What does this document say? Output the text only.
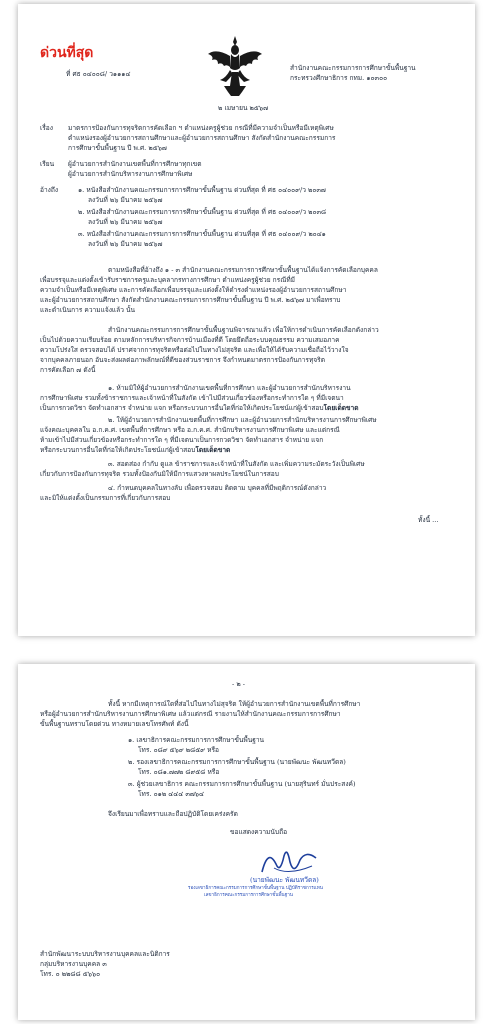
ด่วนที่สุด
ที่ ศธ ๐๔๐๐๘/ ว๑๑๑๔
สำนักงานคณะกรรมการการศึกษาขั้นพื้นฐาน
กระทรวงศึกษาธิการ กทม. ๑๐๓๐๐
๒ เมษายน ๒๕๖๗
เรื่อง มาตรการป้องกันการทุจริตการคัดเลือก ฯ ตำแหน่งครูผู้ช่วย กรณีที่มีความจำเป็นหรือมีเหตุพิเศษ
ตำแหน่งรองผู้อำนวยการสถานศึกษาและผู้อำนวยการสถานศึกษา สังกัดสำนักงานคณะกรรมการ
การศึกษาขั้นพื้นฐาน ปี พ.ศ. ๒๕๖๗
เรียน ผู้อำนวยการสำนักงานเขตพื้นที่การศึกษาทุกเขต
ผู้อำนวยการสำนักบริหารงานการศึกษาพิเศษ
อ้างถึง	๑. หนังสือสำนักงานคณะกรรมการการศึกษาขั้นพื้นฐาน ด่วนที่สุด ที่ ศธ ๐๔๐๐๙/ว ๒๐๓๗
ลงวันที่ ๒๖ มีนาคม ๒๕๖๗
๒. หนังสือสำนักงานคณะกรรมการการศึกษาขั้นพื้นฐาน ด่วนที่สุด ที่ ศธ ๐๔๐๐๙/ว ๒๐๓๘
ลงวันที่ ๒๖ มีนาคม ๒๕๖๗
๓. หนังสือสำนักงานคณะกรรมการการศึกษาขั้นพื้นฐาน ด่วนที่สุด ที่ ศธ ๐๔๐๐๙/ว ๒๐๔๑
ลงวันที่ ๒๖ มีนาคม ๒๕๖๗
ตามหนังสือที่อ้างถึง ๑ - ๓ สำนักงานคณะกรรมการการศึกษาขั้นพื้นฐานได้แจ้งการคัดเลือกบุคคล
เพื่อบรรจุและแต่งตั้งเข้ารับราชการครูและบุคลากรทางการศึกษา ตำแหน่งครูผู้ช่วย กรณีที่มี
ความจำเป็นหรือมีเหตุพิเศษ และการคัดเลือกเพื่อบรรจุและแต่งตั้งให้ดำรงตำแหน่งรองผู้อำนวยการสถานศึกษา
และผู้อำนวยการสถานศึกษา สังกัดสำนักงานคณะกรรมการการศึกษาขั้นพื้นฐาน ปี พ.ศ. ๒๕๖๗ มาเพื่อทราบ
และดำเนินการ ความแจ้งแล้ว นั้น
สำนักงานคณะกรรมการการศึกษาขั้นพื้นฐานพิจารณาแล้ว เพื่อให้การดำเนินการคัดเลือกดังกล่าว
เป็นไปด้วยความเรียบร้อย ตามหลักการบริหารกิจการบ้านเมืองที่ดี โดยยึดถือระบบคุณธรรม ความเสมอภาค
ความโปร่งใส ตรวจสอบได้ ปราศจากการทุจริตหรือต่อไปในทางไม่สุจริต และเพื่อให้ได้รับความเชื่อถือไว้วางใจ
จากบุคคลภายนอก อันจะส่งผลต่อภาพลักษณ์ที่ดีของส่วนราชการ จึงกำหนดมาตรการป้องกันการทุจริต
การคัดเลือก ๗ ดังนี้
๑. ห้ามมิให้ผู้อำนวยการสำนักงานเขตพื้นที่การศึกษา และผู้อำนวยการสำนักบริหารงาน
การศึกษาพิเศษ รวมทั้งข้าราชการและเจ้าหน้าที่ในสังกัด เข้าไปมีส่วนเกี่ยวข้องหรือกระทำการใด ๆ ที่มีเจตนา
เป็นการกวดวิชา จัดทำเอกสาร จำหน่าย แจก หรือกระบวนการอื่นใดที่ก่อให้เกิดประโยชน์แก่ผู้เข้าสอบโดยเด็ดขาด
๒. ให้ผู้อำนวยการสำนักงานเขตพื้นที่การศึกษา และผู้อำนวยการสำนักบริหารงานการศึกษาพิเศษ
แจ้งคณะบุคคลใน อ.ก.ค.ศ. เขตพื้นที่การศึกษา หรือ อ.ก.ค.ศ. สำนักบริหารงานการศึกษาพิเศษ และแต่กรณี
ห้ามเข้าไปมีส่วนเกี่ยวข้องหรือกระทำการใด ๆ ที่มีเจตนาเป็นการกวดวิชา จัดทำเอกสาร จำหน่าย แจก
หรือกระบวนการอื่นใดที่ก่อให้เกิดประโยชน์แก่ผู้เข้าสอบโดยเด็ดขาด
๓. สอดส่อง กำกับ ดูแล ข้าราชการและเจ้าหน้าที่ในสังกัด และเพิ่มความระมัดระวังเป็นพิเศษ
เกี่ยวกับการป้องกันการทุจริต รวมทั้งป้องกันมิให้มีการแสวงหาผลประโยชน์ในการสอบ
๔. กำหนดบุคคลในทางลับ เพื่อตรวจสอบ ติดตาม บุคคลที่มีพฤติการณ์ดังกล่าว
และมิให้แต่งตั้งเป็นกรรมการที่เกี่ยวกับการสอบ
ทั้งนี้ ...
- ๒ -
ทั้งนี้ หากมีเหตุการณ์ใดที่ส่อไปในทางไม่สุจริต ให้ผู้อำนวยการสำนักงานเขตพื้นที่การศึกษา
หรือผู้อำนวยการสำนักบริหารงานการศึกษาพิเศษ แล้วแต่กรณี รายงานให้สำนักงานคณะกรรมการการศึกษา
ขั้นพื้นฐานทราบโดยด่วน ทางหมายเลขโทรศัพท์ ดังนี้
๑. เลขาธิการคณะกรรมการการศึกษาขั้นพื้นฐาน
โทร. ๐๘๙ ๕๖๙ ๒๘๕๙ หรือ
๒. รองเลขาธิการคณะกรรมการการศึกษาขั้นพื้นฐาน (นายพัฒนะ พัฒนทวีดล)
โทร. ๐๘๑.๗๗๒ ๘๙๕๘ หรือ
๓. ผู้ช่วยเลขาธิการ คณะกรรมการการศึกษาขั้นพื้นฐาน (นายสุรินทร์ มั่นประสงค์)
โทร. ๐๑๒ ๔๔๔ ๓๗๖๔
จึงเรียนมาเพื่อทราบและถือปฏิบัติโดยเคร่งครัด
ขอแสดงความนับถือ
(นายพัฒนะ พัฒนทวีดล)
รองเลขาธิการคณะกรรมการการศึกษาขั้นพื้นฐาน ปฏิบัติราชการแทน
เลขาธิการคณะกรรมการการศึกษาขั้นพื้นฐาน
สำนักพัฒนาระบบบริหารงานบุคคลและนิติการ
กลุ่มบริหารงานบุคคล ๓
โทร. ๐ ๒๒๘๘ ๕๖๖๐
